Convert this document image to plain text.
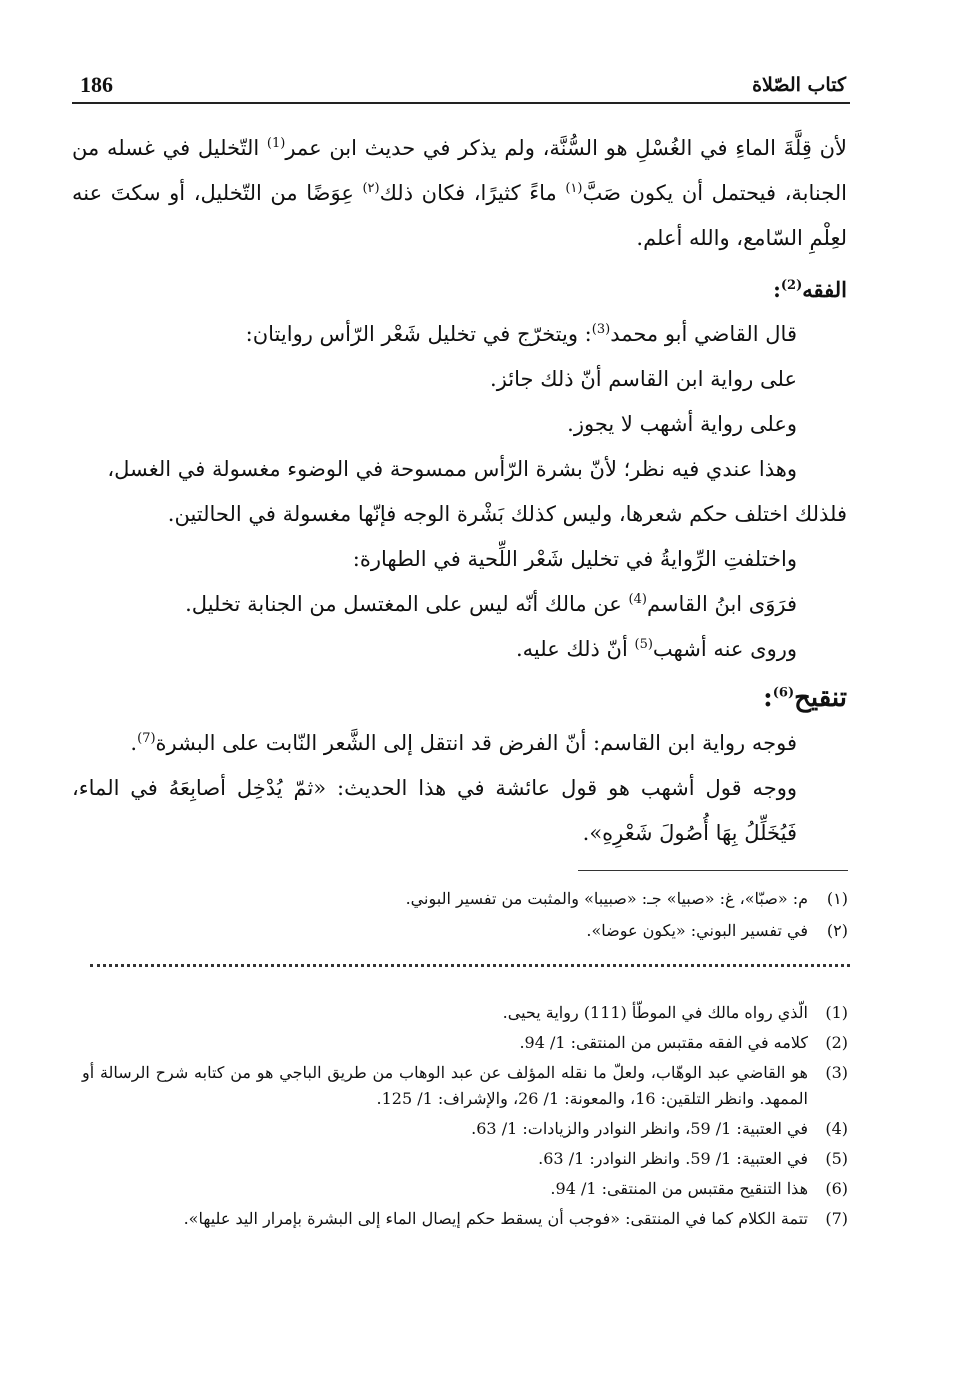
186	كتاب الصّلاة

لأن قِلَّةَ الماءِ في الغُسْلِ هو السُّنَّة، ولم يذكر في حديث ابن عمر$^{(1)}$ التّخليل في غسله من الجنابة، فيحتمل أن يكون صَبَّ$^{(١)}$ ماءً كثيرًا، فكان ذلك$^{(٢)}$ عِوَضًا من التّخليل، أو سكتَ عنه لعِلْمِ السّامع، والله أعلم.

الفقه$^{(2)}$:

قال القاضي أبو محمد$^{(3)}$: ويتخرّج في تخليل شَعْر الرّأس روايتان:

على رواية ابن القاسم أنّ ذلك جائز.

وعلى رواية أشهب لا يجوز.

وهذا عندي فيه نظر؛ لأنّ بشرة الرّأس ممسوحة في الوضوء مغسولة في الغسل،

فلذلك اختلف حكم شعرها، وليس كذلك بَشْرة الوجه فإنّها مغسولة في الحالتين.

واختلفتِ الرِّوايةُ في تخليل شَعْر اللِّحية في الطهارة:

فرَوَى ابنُ القاسم$^{(4)}$ عن مالك أنّه ليس على المغتسل من الجنابة تخليل.

وروى عنه أشهب$^{(5)}$ أنّ ذلك عليه.

تنقيح$^{(6)}$:

فوجه رواية ابن القاسم: أنّ الفرض قد انتقل إلى الشَّعر النّابت على البشرة$^{(7)}$.

ووجه قول أشهب هو قول عائشة في هذا الحديث: «ثمّ يُدْخِل أصابِعَهُ في الماء، فَيُخَلِّلُ بِهَا أُصُولَ شَعْرِهِ».

(١)
م: «صبّا»، غ: «صبيا» جـ: «صبيبا» والمثبت من تفسير البوني.
(٢)
في تفسير البوني: «يكون عوضا».
(1)
الّذي رواه مالك في الموطّأ (111) رواية يحيى.
(2)
كلامه في الفقه مقتبس من المنتقى: 1/ 94.
(3)
هو القاضي عبد الوهّاب، ولعلّ ما نقله المؤلف عن عبد الوهاب من طريق الباجي هو من كتابه شرح الرسالة أو الممهد. وانظر التلقين: 16، والمعونة: 1/ 26، والإشراف: 1/ 125.
(4)
في العتبية: 1/ 59، وانظر النوادر والزيادات: 1/ 63.
(5)
في العتبية: 1/ 59. وانظر النوادر: 1/ 63.
(6)
هذا التنقيح مقتبس من المنتقى: 1/ 94.
(7)
تتمة الكلام كما في المنتقى: «فوجب أن يسقط حكم إيصال الماء إلى البشرة بإمرار اليد عليها».
